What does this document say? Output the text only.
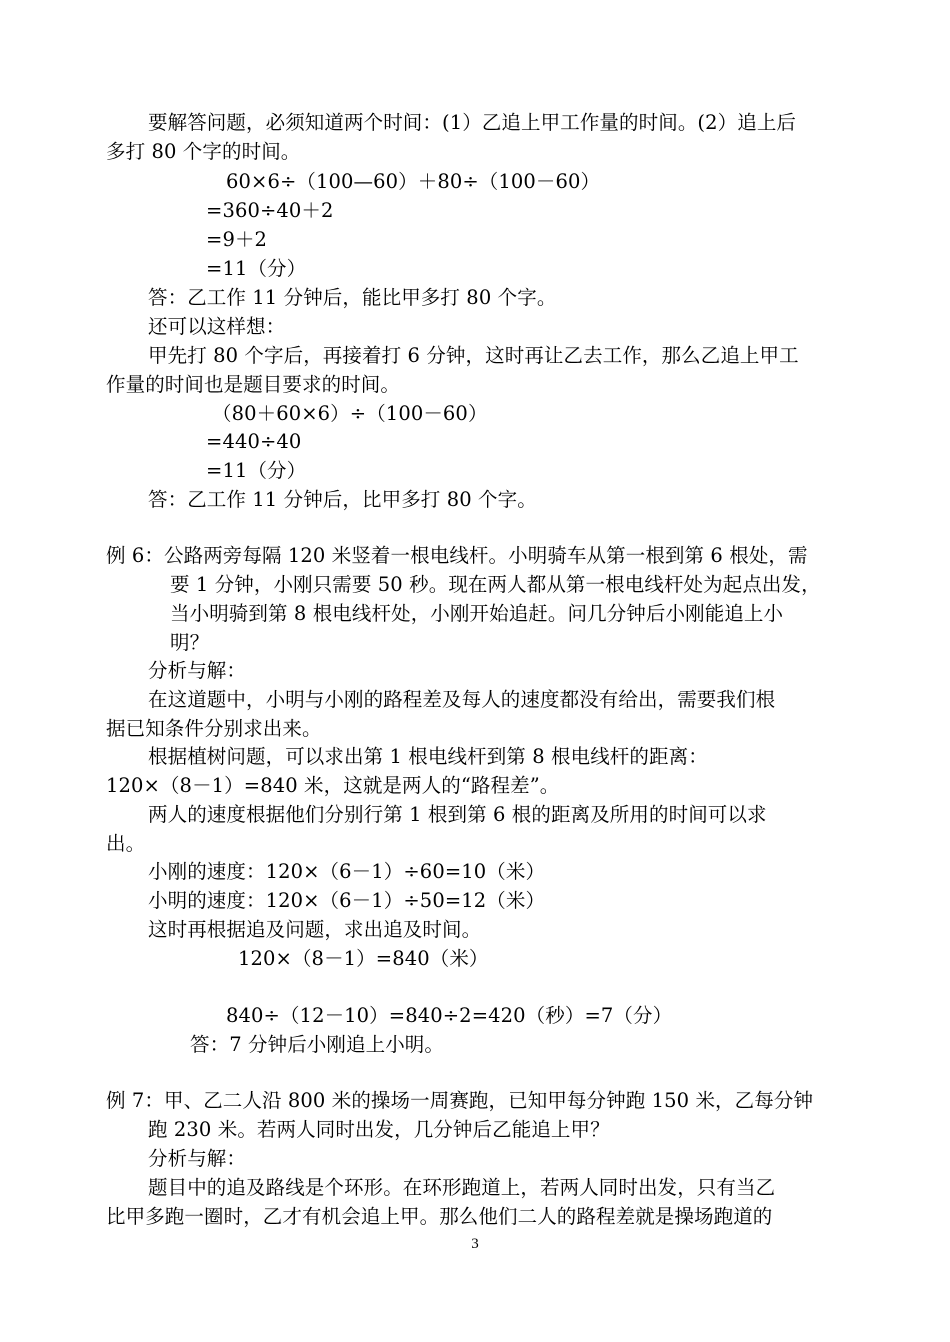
要解答问题，必须知道两个时间：(1）乙追上甲工作量的时间。(2）追上后

多打 80 个字的时间。

60×6÷（100—60）＋80÷（100－60）

=360÷40＋2

=9＋2

=11（分）

答：乙工作 11 分钟后，能比甲多打 80 个字。

还可以这样想：

甲先打 80 个字后，再接着打 6 分钟，这时再让乙去工作，那么乙追上甲工

作量的时间也是题目要求的时间。

（80＋60×6）÷（100－60）

=440÷40

=11（分）

答：乙工作 11 分钟后，比甲多打 80 个字。

例 6：公路两旁每隔 120 米竖着一根电线杆。小明骑车从第一根到第 6 根处，需

要 1 分钟，小刚只需要 50 秒。现在两人都从第一根电线杆处为起点出发，

当小明骑到第 8 根电线杆处，小刚开始追赶。问几分钟后小刚能追上小

明？

分析与解：

在这道题中，小明与小刚的路程差及每人的速度都没有给出，需要我们根

据已知条件分别求出来。

根据植树问题，可以求出第 1 根电线杆到第 8 根电线杆的距离：

120×（8－1）=840 米，这就是两人的“路程差”。

两人的速度根据他们分别行第 1 根到第 6 根的距离及所用的时间可以求

出。

小刚的速度：120×（6－1）÷60=10（米）

小明的速度：120×（6－1）÷50=12（米）

这时再根据追及问题，求出追及时间。

120×（8－1）=840（米）

840÷（12－10）=840÷2=420（秒）=7（分）

答：7 分钟后小刚追上小明。

例 7：甲、乙二人沿 800 米的操场一周赛跑，已知甲每分钟跑 150 米，乙每分钟

跑 230 米。若两人同时出发，几分钟后乙能追上甲？

分析与解：

题目中的追及路线是个环形。在环形跑道上，若两人同时出发，只有当乙

比甲多跑一圈时，乙才有机会追上甲。那么他们二人的路程差就是操场跑道的

3
